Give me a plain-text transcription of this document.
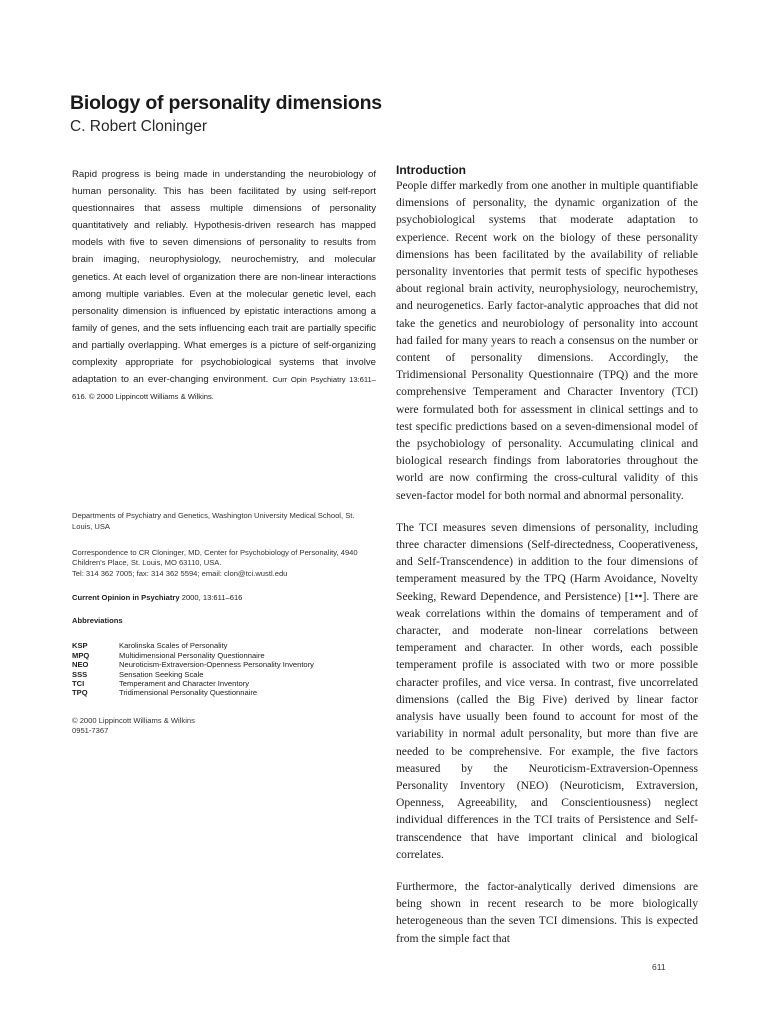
Biology of personality dimensions

C. Robert Cloninger

Rapid progress is being made in understanding the neurobiology of human personality. This has been facilitated by using self-report questionnaires that assess multiple dimensions of personality quantitatively and reliably. Hypothesis-driven research has mapped models with five to seven dimensions of personality to results from brain imaging, neurophysiology, neurochemistry, and molecular genetics. At each level of organization there are non-linear interactions among multiple variables. Even at the molecular genetic level, each personality dimension is influenced by epistatic interactions among a family of genes, and the sets influencing each trait are partially specific and partially overlapping. What emerges is a picture of self-organizing complexity appropriate for psychobiological systems that involve adaptation to an ever-changing environment. Curr Opin Psychiatry 13:611–616. © 2000 Lippincott Williams & Wilkins.

Departments of Psychiatry and Genetics, Washington University Medical School, St. Louis, USA

Correspondence to CR Cloninger, MD, Center for Psychobiology of Personality, 4940 Children's Place, St. Louis, MO 63110, USA.
Tel: 314 362 7005; fax: 314 362 5594; email: clon@tci.wustl.edu

Current Opinion in Psychiatry 2000, 13:611–616

Abbreviations

KSP	Karolinska Scales of Personality
MPQ	Multidimensional Personality Questionnaire
NEO	Neuroticism-Extraversion-Openness Personality Inventory
SSS	Sensation Seeking Scale
TCI	Temperament and Character Inventory
TPQ	Tridimensional Personality Questionnaire

© 2000 Lippincott Williams & Wilkins
0951-7367

Introduction

People differ markedly from one another in multiple quantifiable dimensions of personality, the dynamic organization of the psychobiological systems that moderate adaptation to experience. Recent work on the biology of these personality dimensions has been facilitated by the availability of reliable personality inventories that permit tests of specific hypotheses about regional brain activity, neurophysiology, neurochemistry, and neurogenetics. Early factor-analytic approaches that did not take the genetics and neurobiology of personality into account had failed for many years to reach a consensus on the number or content of personality dimensions. Accordingly, the Tridimensional Personality Questionnaire (TPQ) and the more comprehensive Temperament and Character Inventory (TCI) were formulated both for assessment in clinical settings and to test specific predictions based on a seven-dimensional model of the psychobiology of personality. Accumulating clinical and biological research findings from laboratories throughout the world are now confirming the cross-cultural validity of this seven-factor model for both normal and abnormal personality.

The TCI measures seven dimensions of personality, including three character dimensions (Self-directedness, Cooperativeness, and Self-Transcendence) in addition to the four dimensions of temperament measured by the TPQ (Harm Avoidance, Novelty Seeking, Reward Dependence, and Persistence) [1••]. There are weak correlations within the domains of temperament and of character, and moderate non-linear correlations between temperament and character. In other words, each possible temperament profile is associated with two or more possible character profiles, and vice versa. In contrast, five uncorrelated dimensions (called the Big Five) derived by linear factor analysis have usually been found to account for most of the variability in normal adult personality, but more than five are needed to be comprehensive. For example, the five factors measured by the Neuroticism-Extraversion-Openness Personality Inventory (NEO) (Neuroticism, Extraversion, Openness, Agreeability, and Conscientiousness) neglect individual differences in the TCI traits of Persistence and Self-transcendence that have important clinical and biological correlates.

Furthermore, the factor-analytically derived dimensions are being shown in recent research to be more biologically heterogeneous than the seven TCI dimensions. This is expected from the simple fact that

611
